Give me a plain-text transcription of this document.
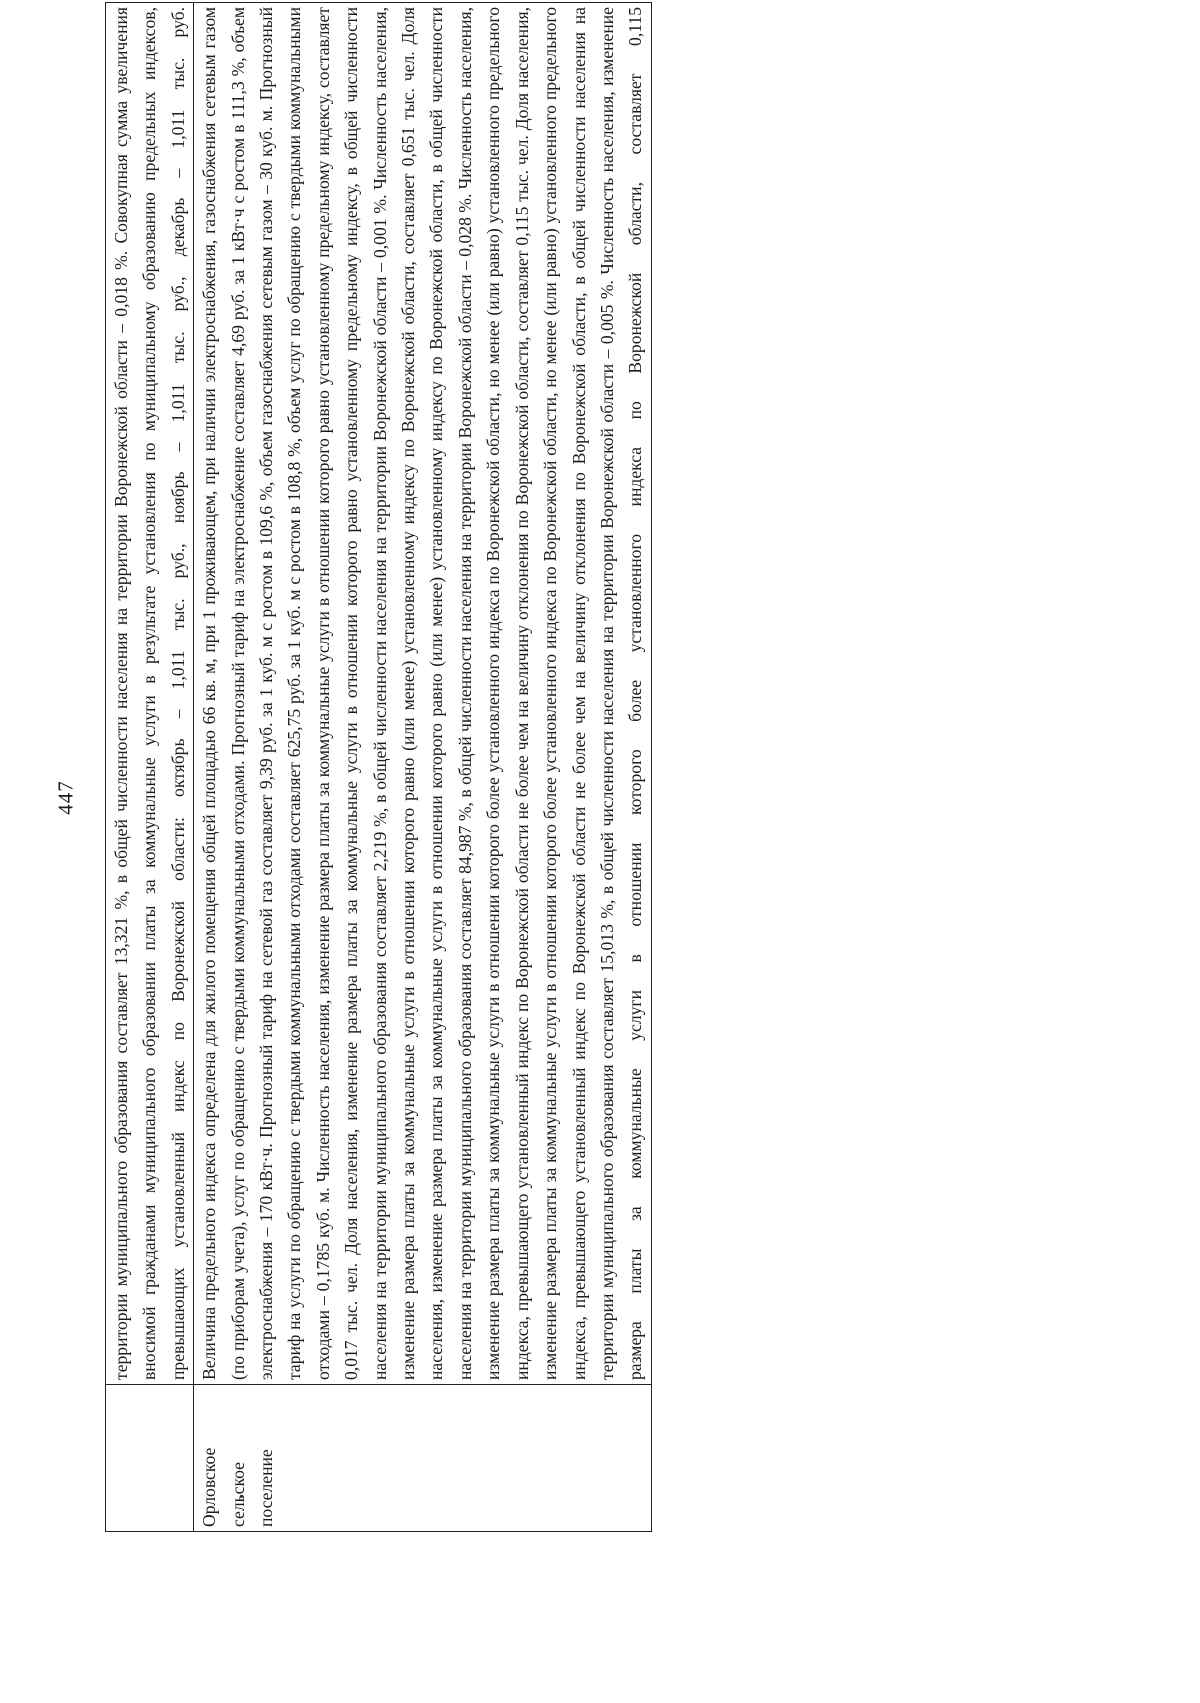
447
	территории муниципального образования составляет 13,321 %, в общей численности населения на территории Воронежской области – 0,018 %. Совокупная сумма увеличения вносимой гражданами муниципального образовании платы за коммунальные услуги в результате установления по муниципальному образованию предельных индексов, превышающих установленный индекс по Воронежской области: октябрь – 1,011 тыс. руб., ноябрь – 1,011 тыс. руб., декабрь – 1,011 тыс. руб.
Орловское сельское поселение	Величина предельного индекса определена для жилого помещения общей площадью 66 кв. м, при 1 проживающем, при наличии электроснабжения, газоснабжения сетевым газом (по приборам учета), услуг по обращению с твердыми коммунальными отходами. Прогнозный тариф на электроснабжение составляет 4,69 руб. за 1 кВт·ч с ростом в 111,3 %, объем электроснабжения – 170 кВт·ч. Прогнозный тариф на сетевой газ составляет 9,39 руб. за 1 куб. м с ростом в 109,6 %, объем газоснабжения сетевым газом – 30 куб. м. Прогнозный тариф на услуги по обращению с твердыми коммунальными отходами составляет 625,75 руб. за 1 куб. м с ростом в 108,8 %, объем услуг по обращению с твердыми коммунальными отходами – 0,1785 куб. м. Численность населения, изменение размера платы за коммунальные услуги в отношении которого равно установленному предельному индексу, составляет 0,017 тыс. чел. Доля населения, изменение размера платы за коммунальные услуги в отношении которого равно установленному предельному индексу, в общей численности населения на территории муниципального образования составляет 2,219 %, в общей численности населения на территории Воронежской области – 0,001 %. Численность населения, изменение размера платы за коммунальные услуги в отношении которого равно (или менее) установленному индексу по Воронежской области, составляет 0,651 тыс. чел. Доля населения, изменение размера платы за коммунальные услуги в отношении которого равно (или менее) установленному индексу по Воронежской области, в общей численности населения на территории муниципального образования составляет 84,987 %, в общей численности населения на территории Воронежской области – 0,028 %. Численность населения, изменение размера платы за коммунальные услуги в отношении которого более установленного индекса по Воронежской области, но менее (или равно) установленного предельного индекса, превышающего установленный индекс по Воронежской области не более чем на величину отклонения по Воронежской области, составляет 0,115 тыс. чел. Доля населения, изменение размера платы за коммунальные услуги в отношении которого более установленного индекса по Воронежской области, но менее (или равно) установленного предельного индекса, превышающего установленный индекс по Воронежской области не более чем на величину отклонения по Воронежской области, в общей численности населения на территории муниципального образования составляет 15,013 %, в общей численности населения на территории Воронежской области – 0,005 %. Численность населения, изменение размера платы за коммунальные услуги в отношении которого более установленного индекса по Воронежской области, составляет 0,115
